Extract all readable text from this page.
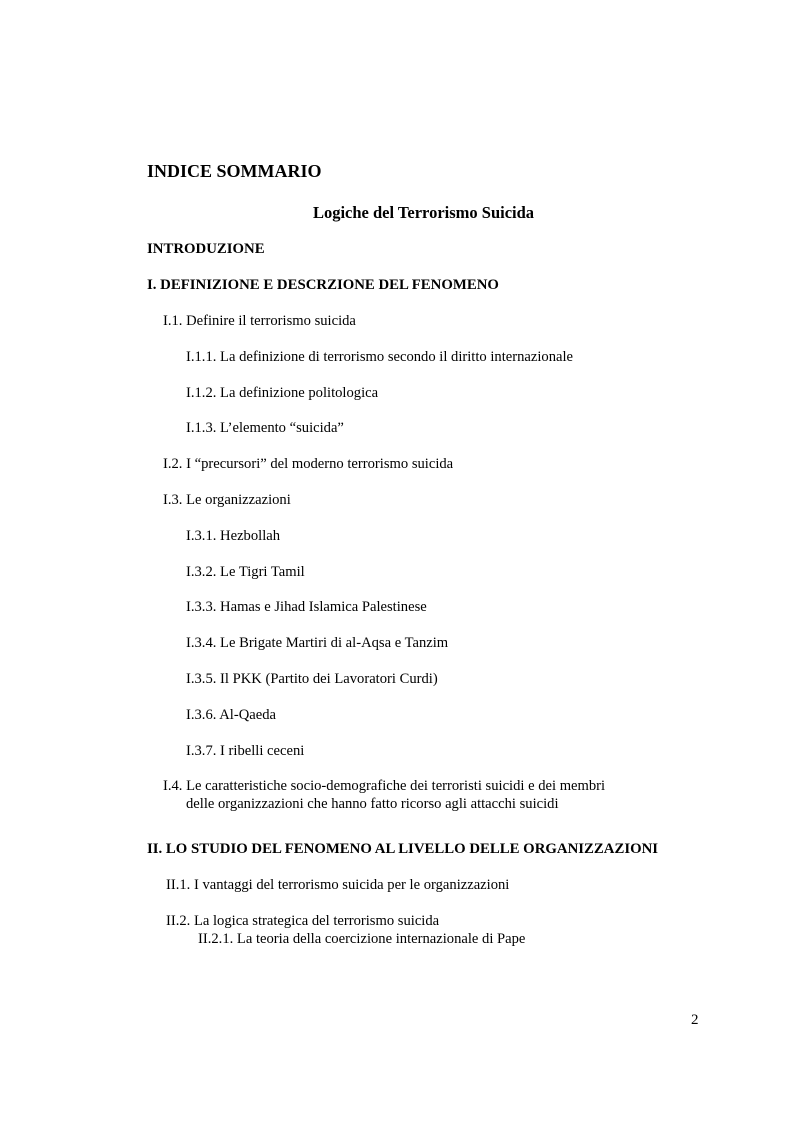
INDICE SOMMARIO
Logiche del Terrorismo Suicida
INTRODUZIONE
I. DEFINIZIONE E DESCRZIONE DEL FENOMENO
I.1. Definire il terrorismo suicida
I.1.1. La definizione di terrorismo secondo il diritto internazionale
I.1.2. La definizione politologica
I.1.3. L’elemento “suicida”
I.2. I “precursori” del moderno terrorismo suicida
I.3. Le organizzazioni
I.3.1. Hezbollah
I.3.2. Le Tigri Tamil
I.3.3. Hamas e Jihad Islamica Palestinese
I.3.4. Le Brigate Martiri di al-Aqsa e Tanzim
I.3.5. Il PKK (Partito dei Lavoratori Curdi)
I.3.6. Al-Qaeda
I.3.7. I ribelli ceceni
I.4. Le caratteristiche socio-demografiche dei terroristi suicidi e dei membri
delle organizzazioni che hanno fatto ricorso agli attacchi suicidi
II. LO STUDIO DEL FENOMENO AL LIVELLO DELLE ORGANIZZAZIONI
II.1. I vantaggi del terrorismo suicida per le organizzazioni
II.2. La logica strategica del terrorismo suicida
II.2.1. La teoria della coercizione internazionale di Pape
2
